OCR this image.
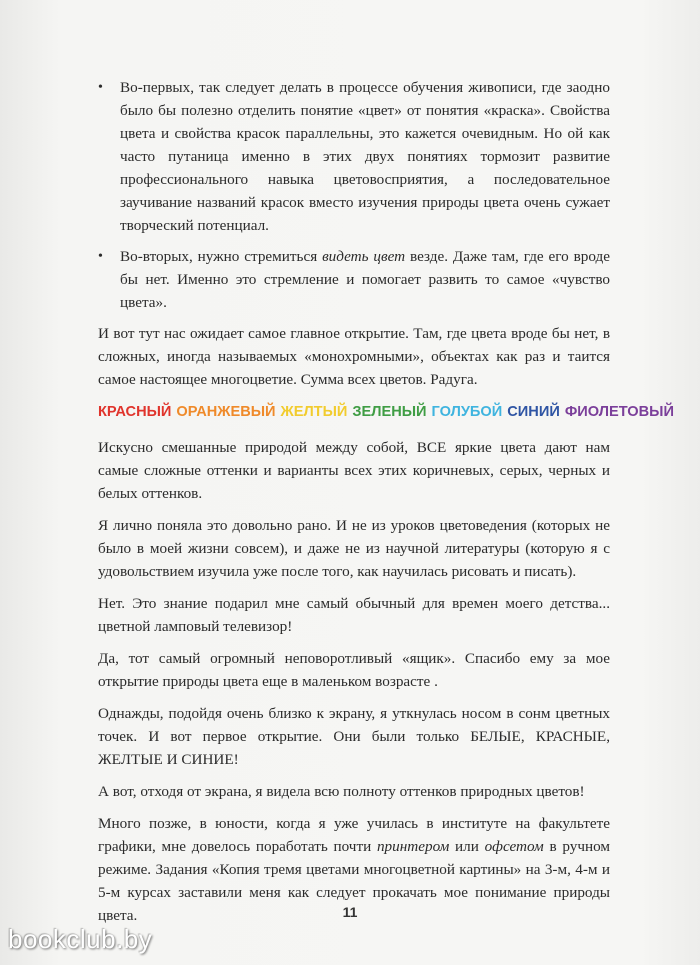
• Во-первых, так следует делать в процессе обучения живописи, где заодно было бы полезно отделить понятие «цвет» от понятия «краска». Свойства цвета и свойства красок параллельны, это кажется очевидным. Но ой как часто путаница именно в этих двух понятиях тормозит развитие профессионального навыка цветовосприятия, а последовательное заучивание названий красок вместо изучения природы цвета очень сужает творческий потенциал.
• Во-вторых, нужно стремиться видеть цвет везде. Даже там, где его вроде бы нет. Именно это стремление и помогает развить то самое «чувство цвета».

И вот тут нас ожидает самое главное открытие. Там, где цвета вроде бы нет, в сложных, иногда называемых «монохромными», объектах как раз и таится самое настоящее многоцветие. Сумма всех цветов. Радуга.

КРАСНЫЙ ОРАНЖЕВЫЙ ЖЕЛТЫЙ ЗЕЛЕНЫЙ ГОЛУБОЙ СИНИЙ ФИОЛЕТОВЫЙ

Искусно смешанные природой между собой, ВСЕ яркие цвета дают нам самые сложные оттенки и варианты всех этих коричневых, серых, черных и белых оттенков.

Я лично поняла это довольно рано. И не из уроков цветоведения (которых не было в моей жизни совсем), и даже не из научной литературы (которую я с удовольствием изучила уже после того, как научилась рисовать и писать).

Нет. Это знание подарил мне самый обычный для времен моего детства... цветной ламповый телевизор!

Да, тот самый огромный неповоротливый «ящик». Спасибо ему за мое открытие природы цвета еще в маленьком возрасте .

Однажды, подойдя очень близко к экрану, я уткнулась носом в сонм цветных точек. И вот первое открытие. Они были только БЕЛЫЕ, КРАСНЫЕ, ЖЕЛТЫЕ И СИНИЕ!

А вот, отходя от экрана, я видела всю полноту оттенков природных цветов!

Много позже, в юности, когда я уже училась в институте на факультете графики, мне довелось поработать почти принтером или офсетом в ручном режиме. Задания «Копия тремя цветами многоцветной картины» на 3-м, 4-м и 5-м курсах заставили меня как следует прокачать мое понимание природы цвета.	11
bookclub.by
